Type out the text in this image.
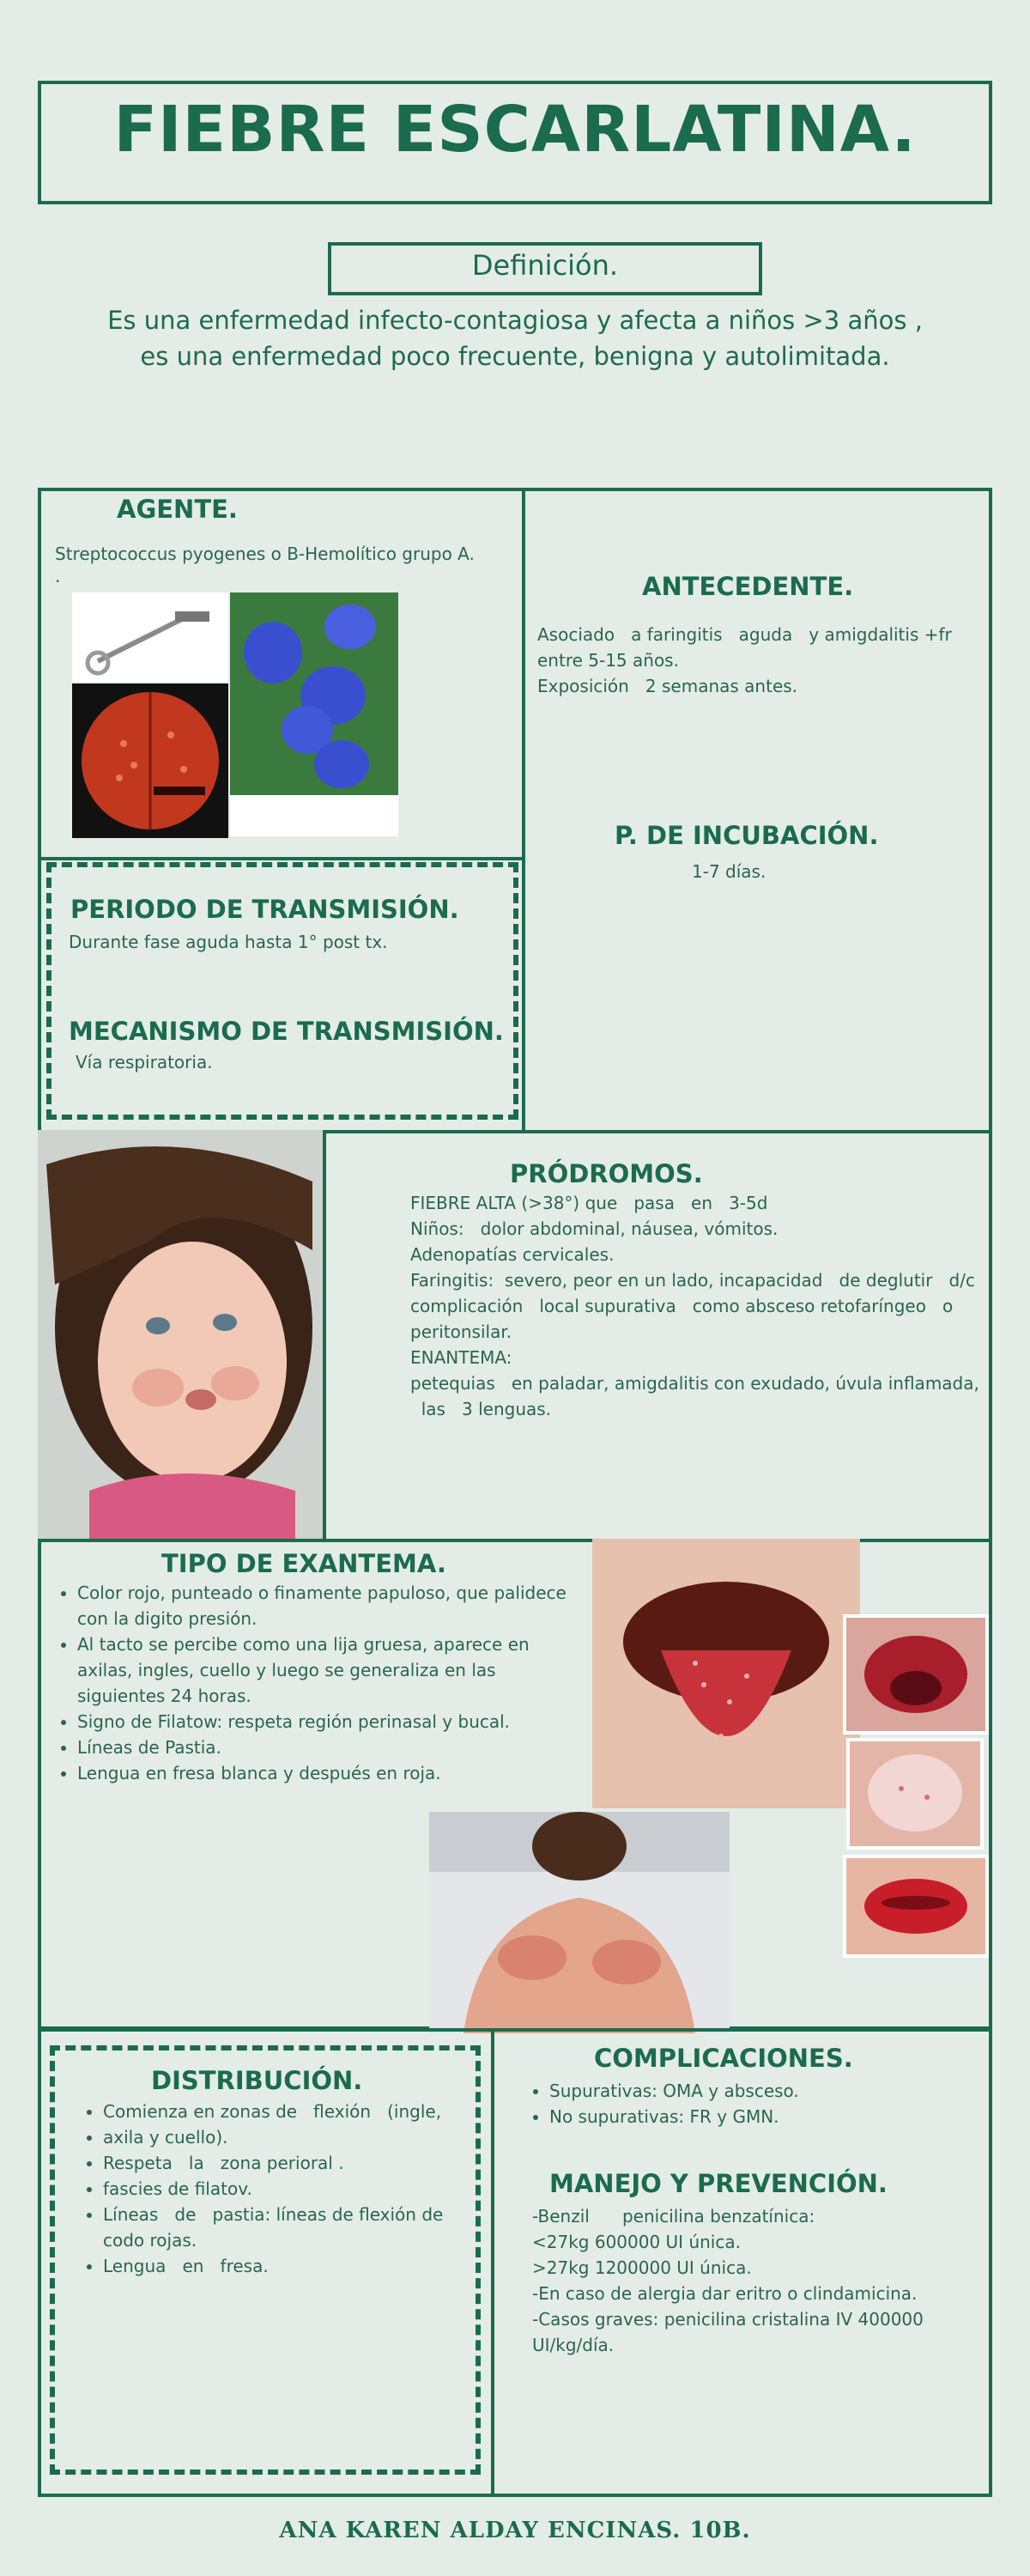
FIEBRE ESCARLATINA.
Definición.
Es una enfermedad infecto-contagiosa y afecta a niños >3 años ,
es una enfermedad poco frecuente, benigna y autolimitada.
AGENTE.
Streptococcus pyogenes o B-Hemolítico grupo A.
.	ANTECEDENTE.
Asociado   a faringitis   aguda   y amigdalitis +fr
entre 5-15 años.
Exposición   2 semanas antes.
P. DE INCUBACIÓN.
1-7 días.
PERIODO DE TRANSMISIÓN.
Durante fase aguda hasta 1° post tx.
MECANISMO DE TRANSMISIÓN.
Vía respiratoria.
PRÓDROMOS.
FIEBRE ALTA (>38°) que   pasa   en   3-5d
Niños:   dolor abdominal, náusea, vómitos.
Adenopatías cervicales.
Faringitis:  severo, peor en un lado, incapacidad   de deglutir   d/c
complicación   local supurativa   como absceso retofaríngeo   o
peritonsilar.
ENANTEMA:
petequias   en paladar, amigdalitis con exudado, úvula inflamada,
las   3 lenguas.
TIPO DE EXANTEMA.
• Color rojo, punteado o finamente papuloso, que palidece con la digito presión.
• Al tacto se percibe como una lija gruesa, aparece en axilas, ingles, cuello y luego se generaliza en las siguientes 24 horas.
• Signo de Filatow: respeta región perinasal y bucal.
• Líneas de Pastia.
• Lengua en fresa blanca y después en roja.
DISTRIBUCIÓN.
• Comienza en zonas de   flexión   (ingle,
• axila y cuello).
• Respeta   la   zona perioral .
• fascies de filatov.
• Líneas   de   pastia: líneas de flexión de codo rojas.
• Lengua   en   fresa.
COMPLICACIONES.
• Supurativas: OMA y absceso.
• No supurativas: FR y GMN.
MANEJO Y PREVENCIÓN.
-Benzil      penicilina benzatínica:
<27kg 600000 UI única.
>27kg 1200000 UI única.
-En caso de alergia dar eritro o clindamicina.
-Casos graves: penicilina cristalina IV 400000
UI/kg/día.
ANA KAREN ALDAY ENCINAS. 10B.
